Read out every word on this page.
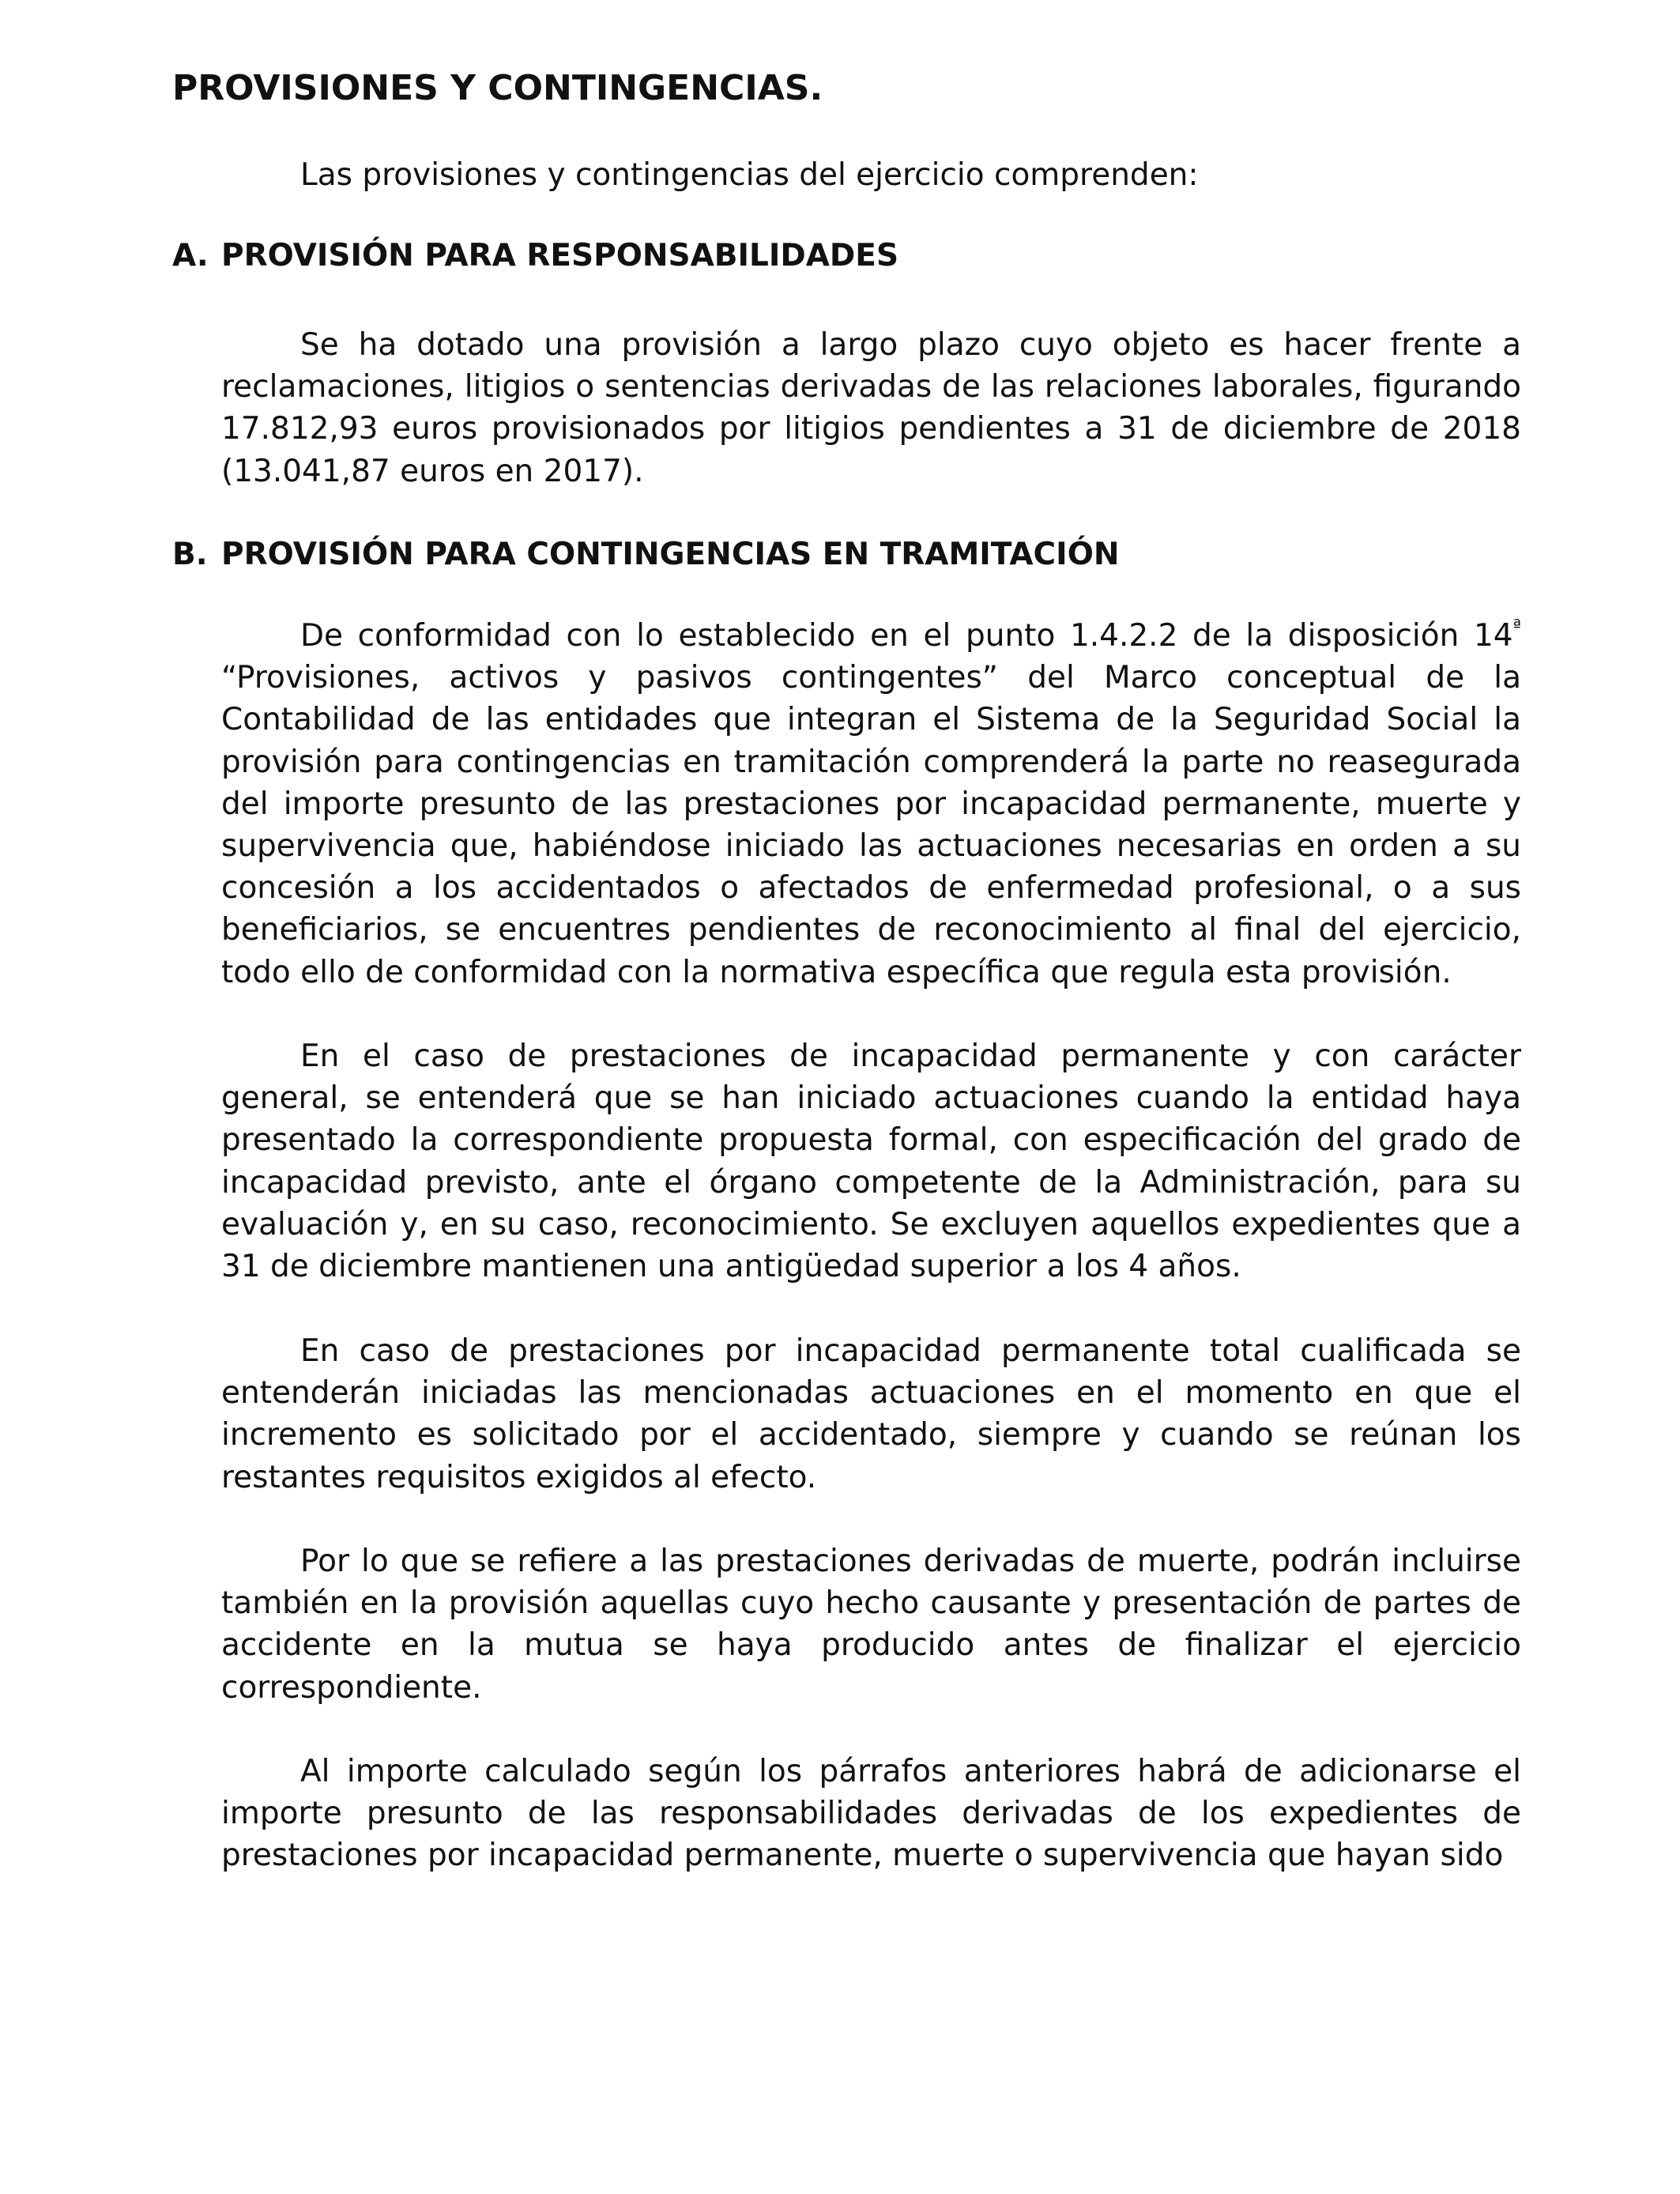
PROVISIONES Y CONTINGENCIAS.

Las provisiones y contingencias del ejercicio comprenden:

A. PROVISIÓN PARA RESPONSABILIDADES

Se ha dotado una provisión a largo plazo cuyo objeto es hacer frente a reclamaciones, litigios o sentencias derivadas de las relaciones laborales, figurando 17.812,93 euros provisionados por litigios pendientes a 31 de diciembre de 2018 (13.041,87 euros en 2017).

B. PROVISIÓN PARA CONTINGENCIAS EN TRAMITACIÓN

De conformidad con lo establecido en el punto 1.4.2.2 de la disposición $14^ª$ “Provisiones, activos y pasivos contingentes” del Marco conceptual de la Contabilidad de las entidades que integran el Sistema de la Seguridad Social la provisión para contingencias en tramitación comprenderá la parte no reasegurada del importe presunto de las prestaciones por incapacidad permanente, muerte y supervivencia que, habiéndose iniciado las actuaciones necesarias en orden a su concesión a los accidentados o afectados de enfermedad profesional, o a sus beneficiarios, se encuentres pendientes de reconocimiento al final del ejercicio, todo ello de conformidad con la normativa específica que regula esta provisión.

En el caso de prestaciones de incapacidad permanente y con carácter general, se entenderá que se han iniciado actuaciones cuando la entidad haya presentado la correspondiente propuesta formal, con especificación del grado de incapacidad previsto, ante el órgano competente de la Administración, para su evaluación y, en su caso, reconocimiento. Se excluyen aquellos expedientes que a 31 de diciembre mantienen una antigüedad superior a los 4 años.

En caso de prestaciones por incapacidad permanente total cualificada se entenderán iniciadas las mencionadas actuaciones en el momento en que el incremento es solicitado por el accidentado, siempre y cuando se reúnan los restantes requisitos exigidos al efecto.

Por lo que se refiere a las prestaciones derivadas de muerte, podrán incluirse también en la provisión aquellas cuyo hecho causante y presentación de partes de accidente en la mutua se haya producido antes de finalizar el ejercicio correspondiente.

Al importe calculado según los párrafos anteriores habrá de adicionarse el importe presunto de las responsabilidades derivadas de los expedientes de prestaciones por incapacidad permanente, muerte o supervivencia que hayan sido
